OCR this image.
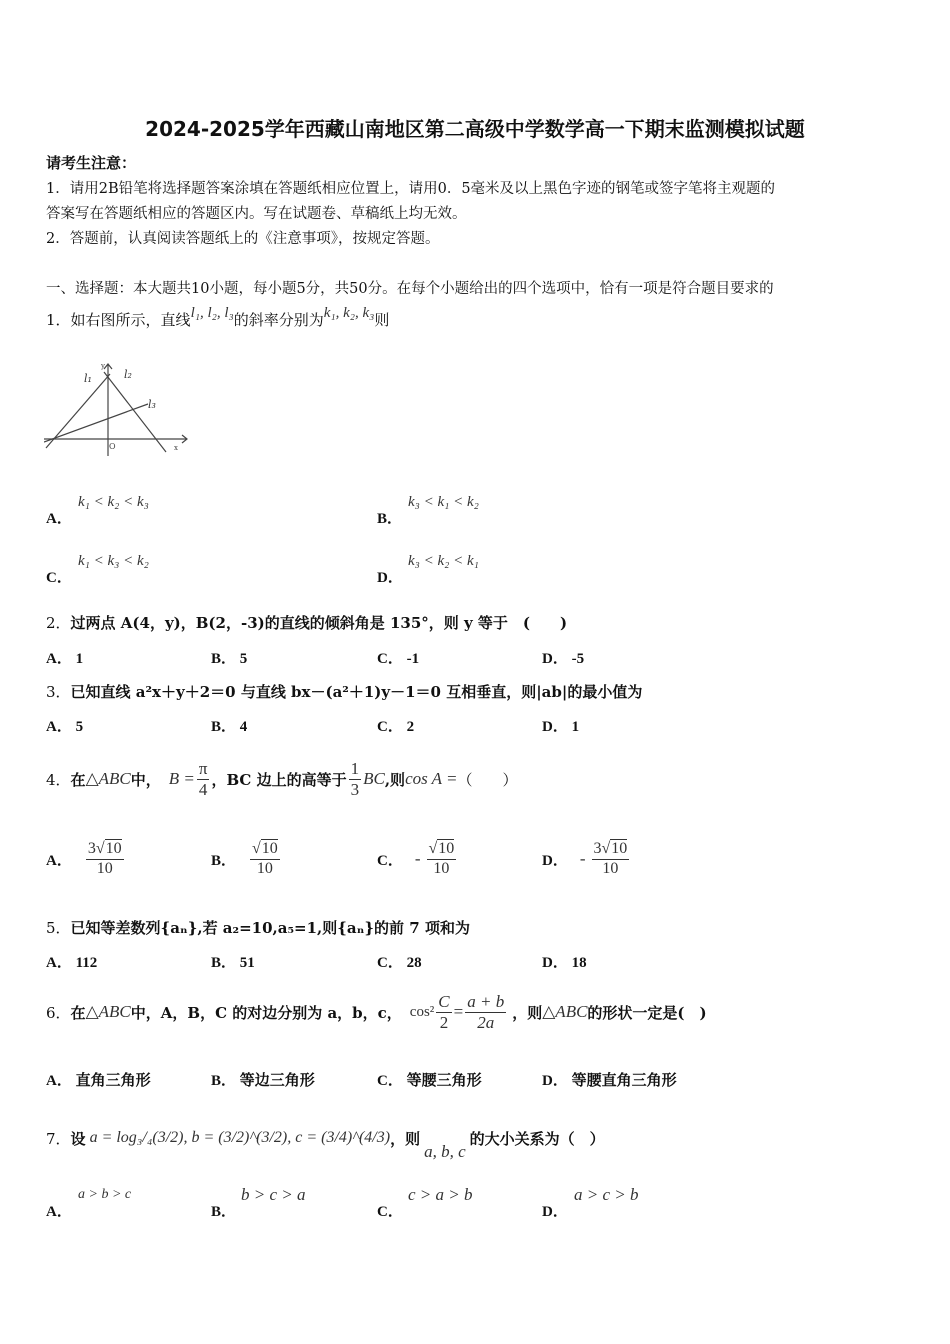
2024-2025学年西藏山南地区第二高级中学数学高一下期末监测模拟试题
请考生注意：
1．请用2B铅笔将选择题答案涂填在答题纸相应位置上，请用0．5毫米及以上黑色字迹的钢笔或签字笔将主观题的
答案写在答题纸相应的答题区内。写在试题卷、草稿纸上均无效。
2．答题前，认真阅读答题纸上的《注意事项》，按规定答题。
一、选择题：本大题共10小题，每小题5分，共50分。在每个小题给出的四个选项中，恰有一项是符合题目要求的
1．如右图所示，直线l₁, l₂, l₃的斜率分别为k₁, k₂, k₃则
y
x
O
l₁	l₂
l₃
A．
k₁ < k₂ < k₃
B．
k₃ < k₁ < k₂
C．
k₁ < k₃ < k₂
D．
k₃ < k₂ < k₁
2．过两点 A(4，y)，B(2，-3)的直线的倾斜角是 135°，则 y 等于　(　　)
A． 1	B． 5	C． -1	D． -5
3．已知直线 a²x＋y＋2＝0 与直线 bx－(a²＋1)y－1＝0 互相垂直，则|ab|的最小值为
A． 5	B． 4	C． 2	D． 1
4． 在 △ABC 中， $B = \frac{\pi}{4}$ ，BC 边上的高等于 $\frac{1}{3}$ BC ,则 cos A = （　　）
A． $\frac{3√10}{10}$	B． $\frac{√10}{10}$	C． - $\frac{√10}{10}$	D． - $\frac{3√10}{10}$
5．已知等差数列{aₙ},若 a₂=10,a₅=1,则{aₙ}的前 7 项和为
A． 112	B． 51	C． 28	D． 18
6． 在 △ABC 中，A，B，C 的对边分别为 a，b，c， $\cos^2 \frac{C}{2} = \frac{a + b}{2a}$ ，则 △ABC 的形状一定是(　)
A． 直角三角形	B． 等边三角形	C． 等腰三角形	D． 等腰直角三角形
7． 设 a = log₃/₄(3/2), b = (3/2)^(3/2), c = (3/4)^(4/3) ，则
a, b, c
的大小关系为（　）
A．
a > b > c
B．
b > c > a
C．
c > a > b
D．
a > c > b
